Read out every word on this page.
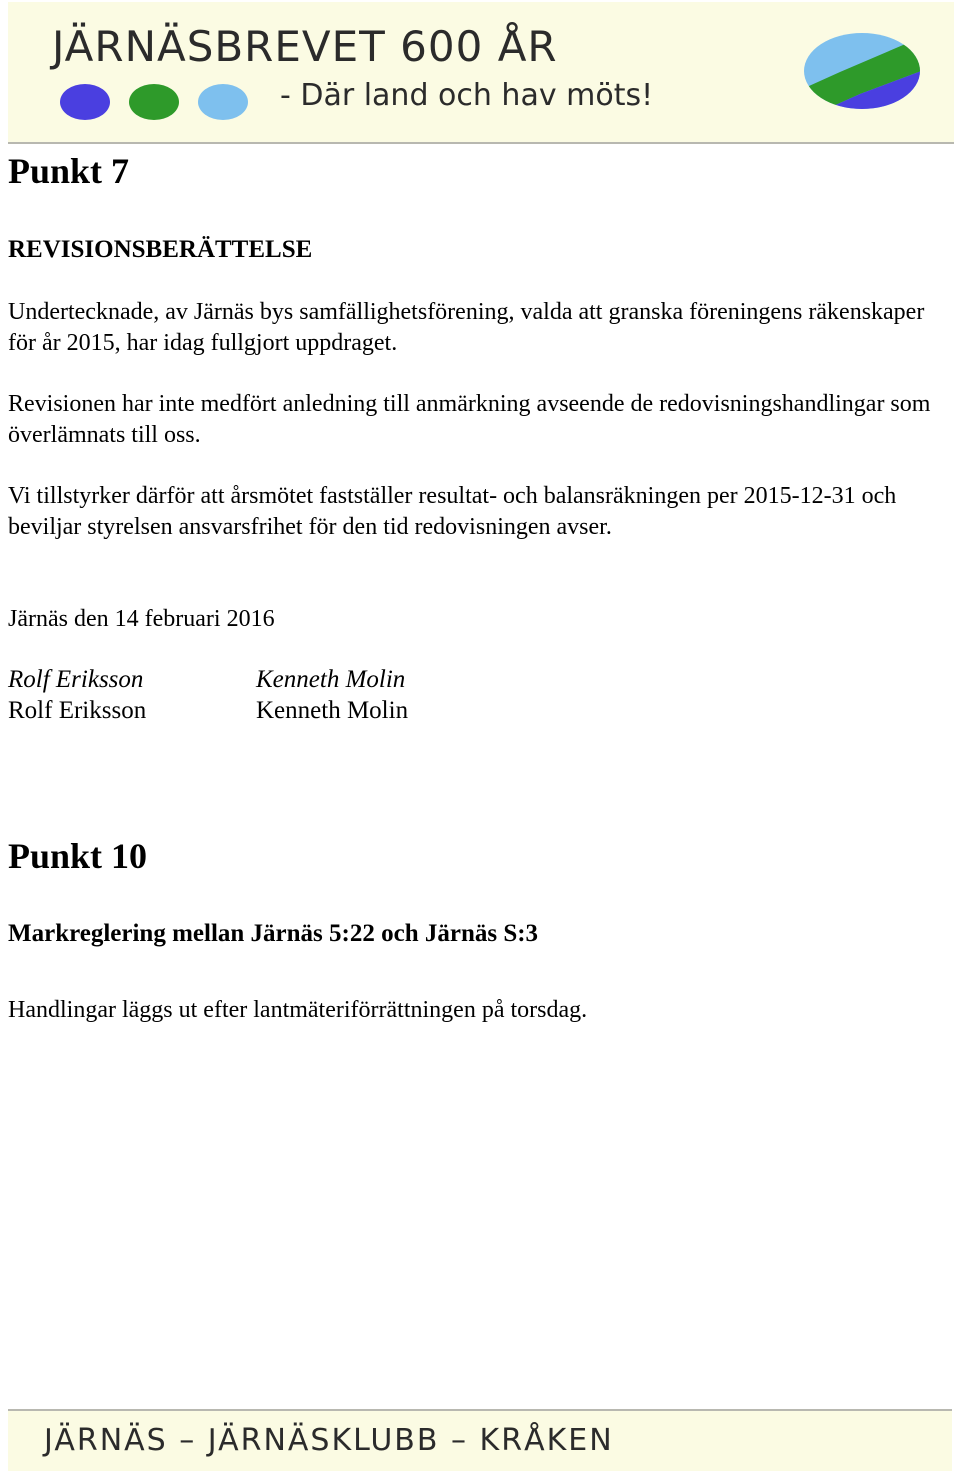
JÄRNÄSBREVET 600 ÅR
- Där land och hav möts!
Punkt 7
REVISIONSBERÄTTELSE

Undertecknade, av Järnäs bys samfällighetsförening, valda att granska föreningens räkenskaper för år 2015, har idag fullgjort uppdraget.

Revisionen har inte medfört anledning till anmärkning avseende de redovisningshandlingar som överlämnats till oss.

Vi tillstyrker därför att årsmötet fastställer resultat- och balansräkningen per 2015-12-31 och beviljar styrelsen ansvarsfrihet för den tid redovisningen avser.

Järnäs den 14 februari 2016
Rolf Eriksson
Rolf Eriksson
Kenneth Molin
Kenneth Molin
Punkt 10
Markreglering mellan Järnäs 5:22 och Järnäs S:3
Handlingar läggs ut efter lantmäteriförrättningen på torsdag.
JÄRNÄS – JÄRNÄSKLUBB – KRÅKEN
